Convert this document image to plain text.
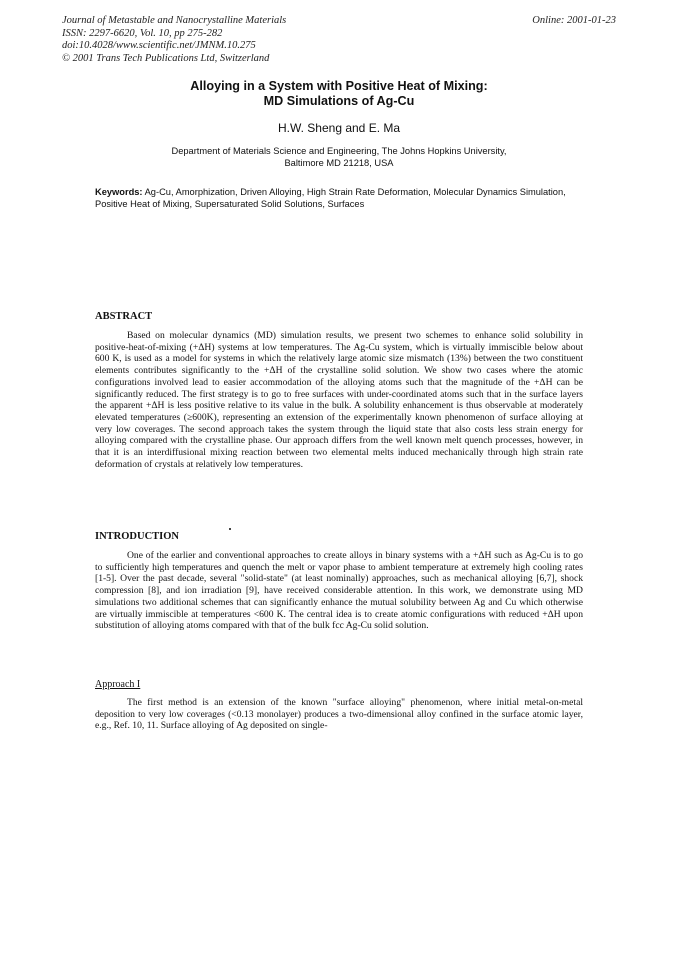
Journal of Metastable and Nanocrystalline Materials
ISSN: 2297-6620, Vol. 10, pp 275-282
doi:10.4028/www.scientific.net/JMNM.10.275
© 2001 Trans Tech Publications Ltd, Switzerland
Online: 2001-01-23
Alloying in a System with Positive Heat of Mixing:
MD Simulations of Ag-Cu
H.W. Sheng and E. Ma
Department of Materials Science and Engineering, The Johns Hopkins University,
Baltimore MD 21218, USA
Keywords: Ag-Cu, Amorphization, Driven Alloying, High Strain Rate Deformation, Molecular Dynamics Simulation, Positive Heat of Mixing, Supersaturated Solid Solutions, Surfaces
ABSTRACT

Based on molecular dynamics (MD) simulation results, we present two schemes to enhance solid solubility in positive-heat-of-mixing (+ΔH) systems at low temperatures. The Ag-Cu system, which is virtually immiscible below about 600 K, is used as a model for systems in which the relatively large atomic size mismatch (13%) between the two constituent elements contributes significantly to the +ΔH of the crystalline solid solution. We show two cases where the atomic configurations involved lead to easier accommodation of the alloying atoms such that the magnitude of the +ΔH can be significantly reduced. The first strategy is to go to free surfaces with under-coordinated atoms such that in the surface layers the apparent +ΔH is less positive relative to its value in the bulk. A solubility enhancement is thus observable at moderately elevated temperatures (≥600K), representing an extension of the experimentally known phenomenon of surface alloying at very low coverages. The second approach takes the system through the liquid state that also costs less strain energy for alloying compared with the crystalline phase. Our approach differs from the well known melt quench processes, however, in that it is an interdiffusional mixing reaction between two elemental melts induced mechanically through high strain rate deformation of crystals at relatively low temperatures.

INTRODUCTION

One of the earlier and conventional approaches to create alloys in binary systems with a +ΔH such as Ag-Cu is to go to sufficiently high temperatures and quench the melt or vapor phase to ambient temperature at extremely high cooling rates [1-5]. Over the past decade, several "solid-state" (at least nominally) approaches, such as mechanical alloying [6,7], shock compression [8], and ion irradiation [9], have received considerable attention. In this work, we demonstrate using MD simulations two additional schemes that can significantly enhance the mutual solubility between Ag and Cu which otherwise are virtually immiscible at temperatures <600 K. The central idea is to create atomic configurations with reduced +ΔH upon substitution of alloying atoms compared with that of the bulk fcc Ag-Cu solid solution.

Approach I

The first method is an extension of the known "surface alloying" phenomenon, where initial metal-on-metal deposition to very low coverages (<0.13 monolayer) produces a two-dimensional alloy confined in the surface atomic layer, e.g., Ref. 10, 11. Surface alloying of Ag deposited on single-
